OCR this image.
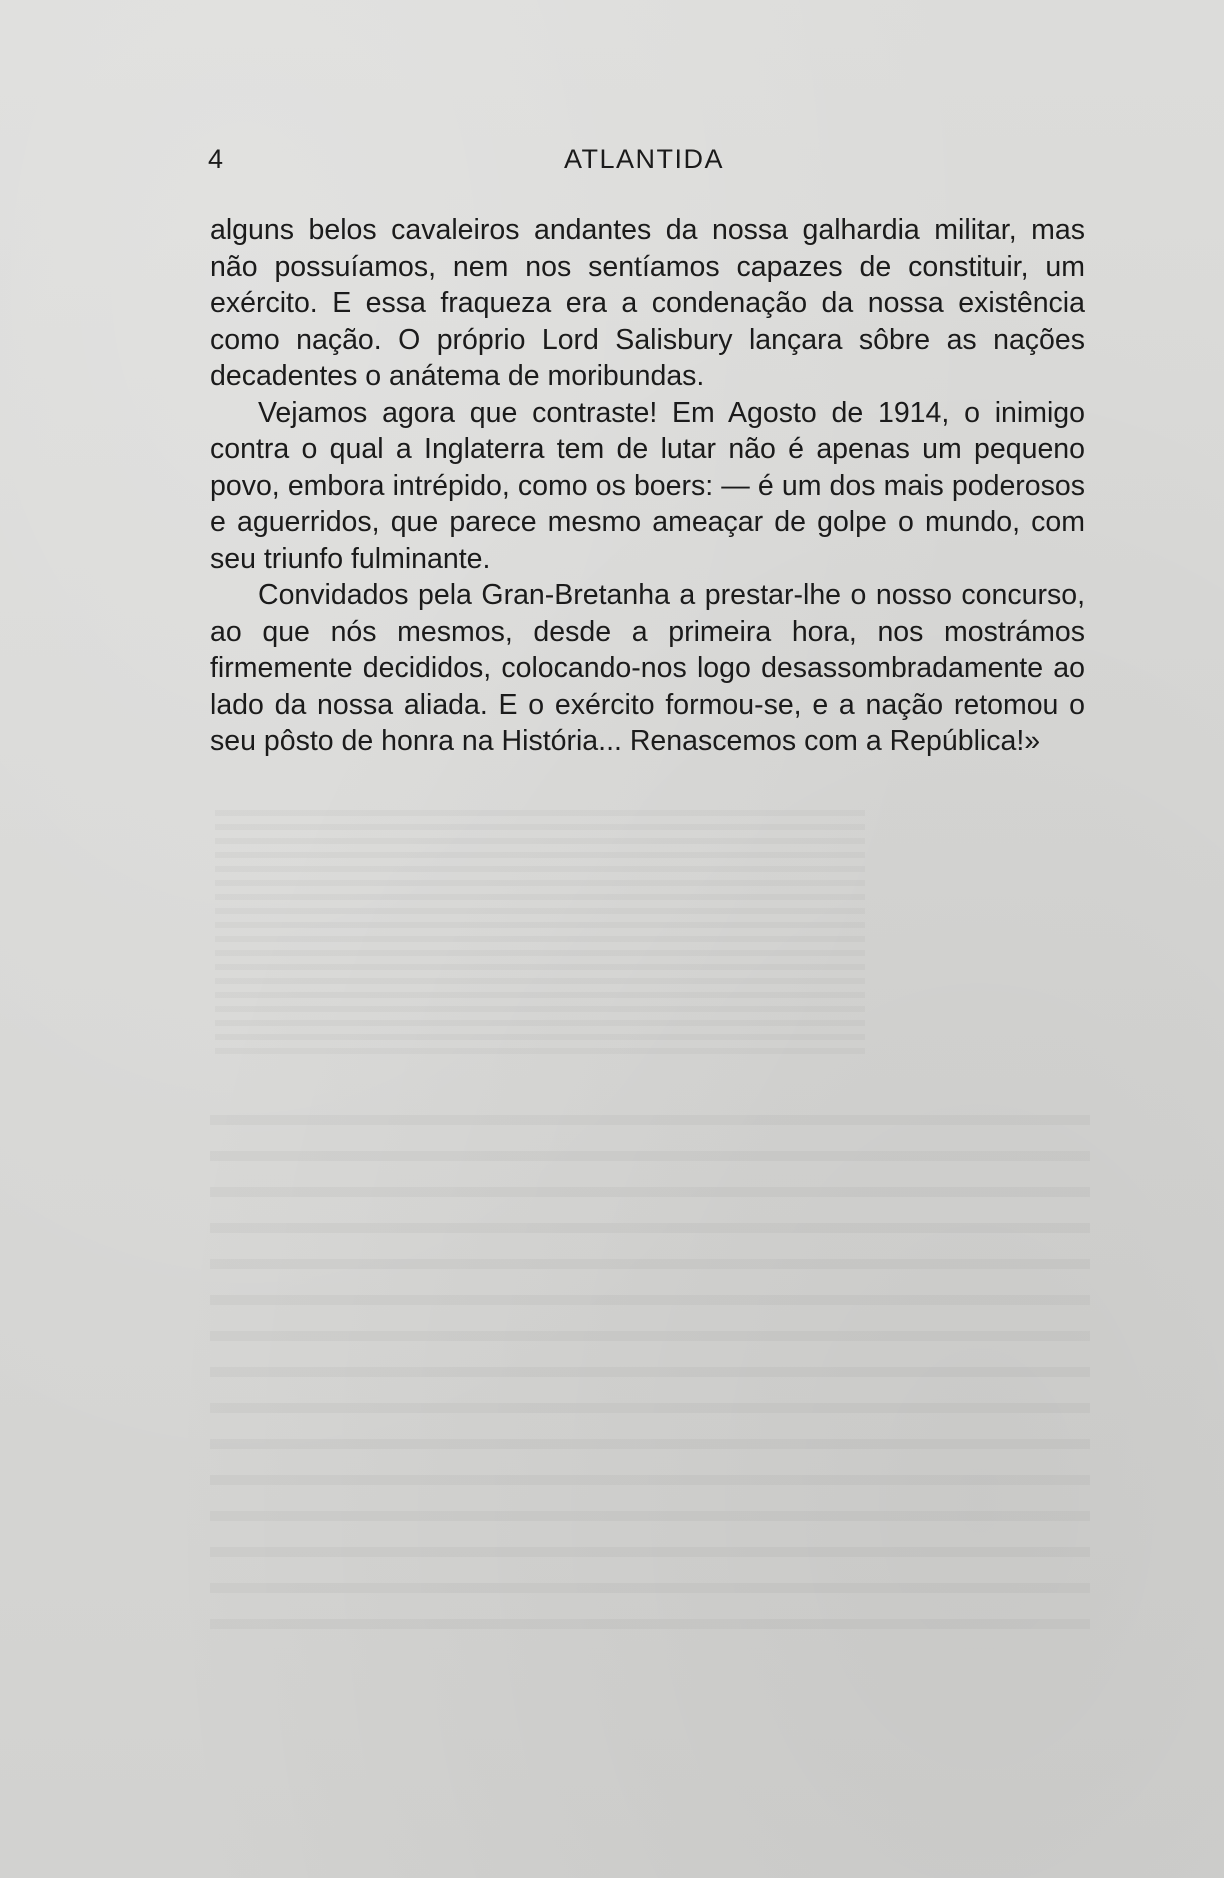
4	ATLANTIDA

alguns belos cavaleiros andantes da nossa galhardia militar, mas não possuíamos, nem nos sentíamos capazes de constituir, um exército. E essa fraqueza era a condenação da nossa existência como nação. O próprio Lord Salisbury lançara sôbre as nações decadentes o anátema de moribundas.

Vejamos agora que contraste! Em Agosto de 1914, o inimigo contra o qual a Inglaterra tem de lutar não é apenas um pequeno povo, embora intrépido, como os boers: — é um dos mais poderosos e aguerridos, que parece mesmo ameaçar de golpe o mundo, com seu triunfo fulminante.

Convidados pela Gran-Bretanha a prestar-lhe o nosso concurso, ao que nós mesmos, desde a primeira hora, nos mostrámos firmemente decididos, colocando-nos logo desassombradamente ao lado da nossa aliada. E o exército formou-se, e a nação retomou o seu pôsto de honra na História... Renascemos com a República!»
